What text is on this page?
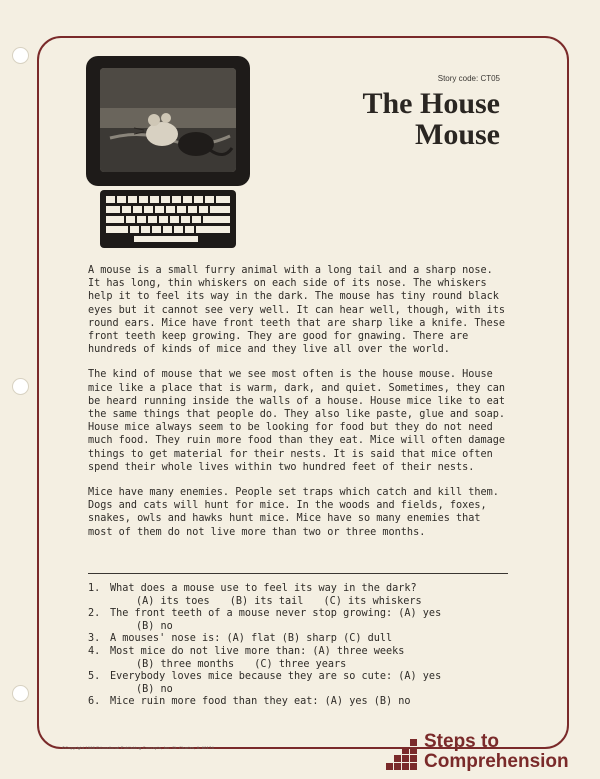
Story code: CT05
The House
Mouse

A mouse is a small furry animal with a long tail and a sharp nose. It has long, thin whiskers on each side of its nose. The whiskers help it to feel its way in the dark. The mouse has tiny round black eyes but it cannot see very well. It can hear well, though, with its round ears. Mice have front teeth that are sharp like a knife. These front teeth keep growing. They are good for gnawing. There are hundreds of kinds of mice and they live all over the world.

The kind of mouse that we see most often is the house mouse. House mice like a place that is warm, dark, and quiet. Sometimes, they can be heard running inside the walls of a house. House mice like to eat the same things that people do. They also like paste, glue and soap. House mice always seem to be looking for food but they do not need much food. They ruin more food than they eat. Mice will often damage things to get material for their nests. It is said that mice often spend their whole lives within two hundred feet of their nests.

Mice have many enemies. People set traps which catch and kill them. Dogs and cats will hunt for mice. In the woods and fields, foxes, snakes, owls and hawks hunt mice. Mice have so many enemies that most of them do not live more than two or three months.

1. What does a mouse use to feel its way in the dark?
(A) its toes (B) its tail (C) its whiskers
2. The front teeth of a mouse never stop growing: (A) yes
(B) no
3. A mouses' nose is: (A) flat (B) sharp (C) dull
4. Most mice do not live more than: (A) three weeks
(B) three months (C) three years
5. Everybody loves mice because they are so cute: (A) yes
(B) no
6. Mice ruin more food than they eat: (A) yes (B) no
©Copyright 1986 Educational Publishing Concepts, Inc. St. Charles, IL 60174	Steps to
Comprehension
